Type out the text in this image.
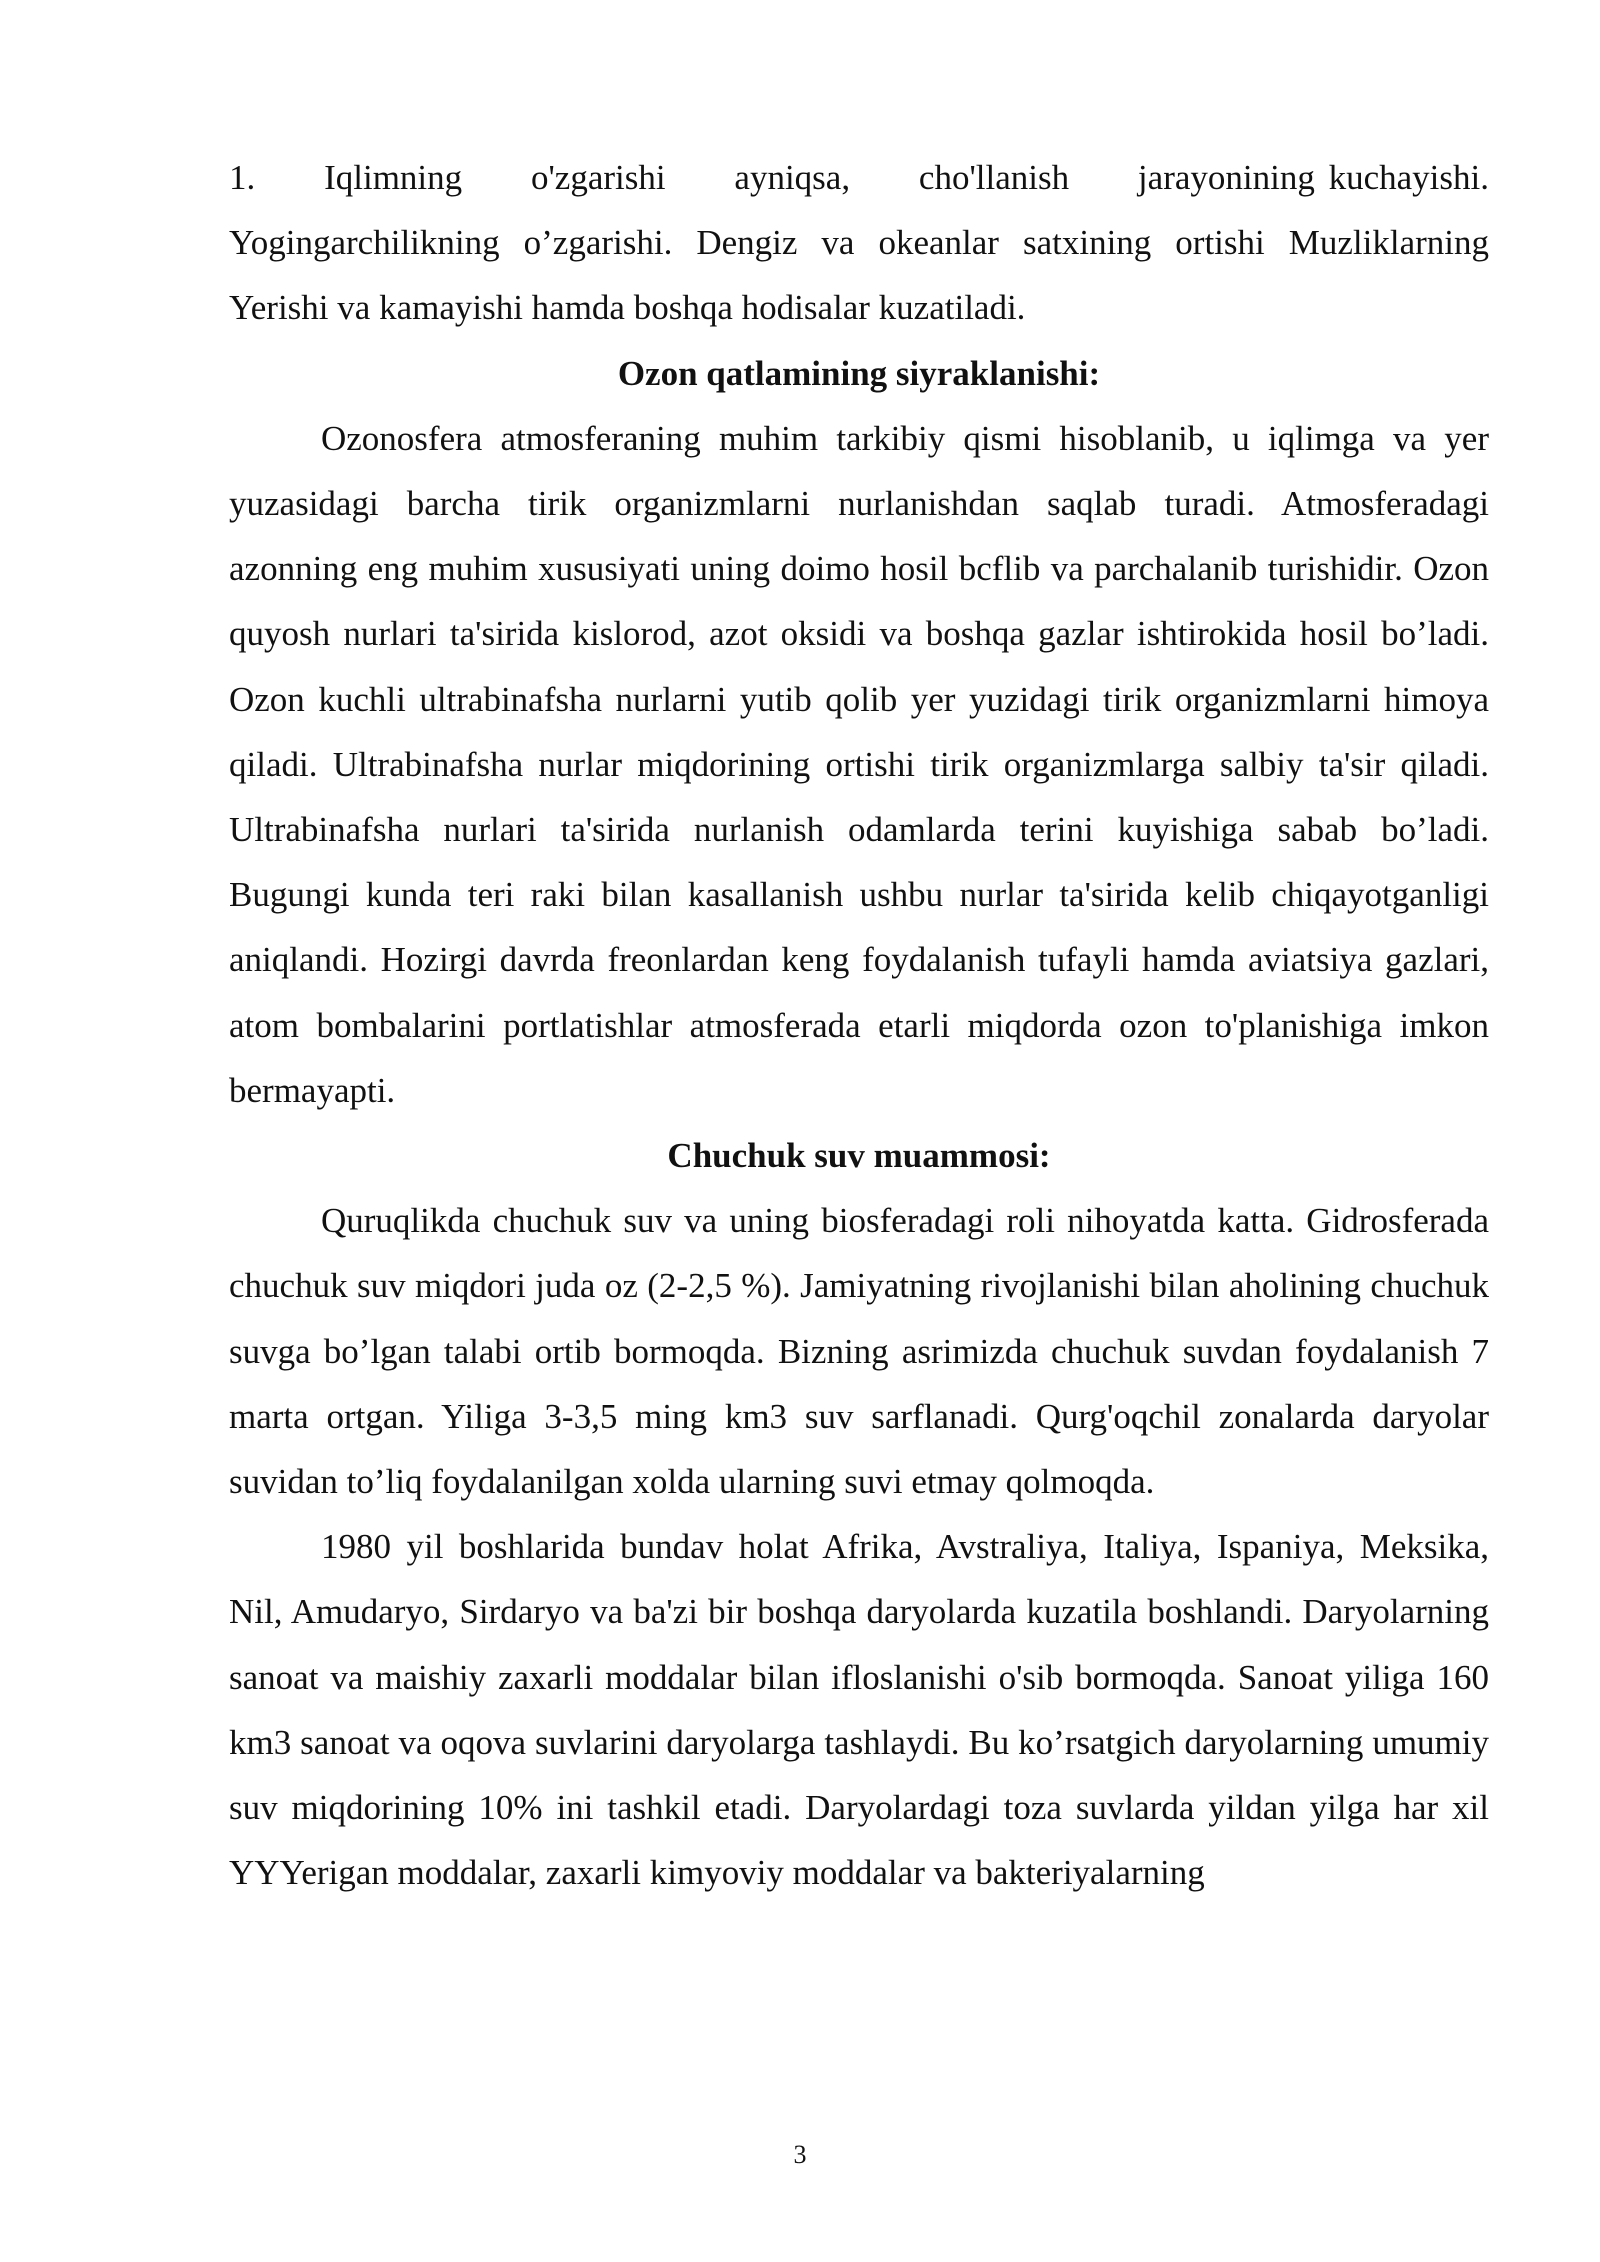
1.     Iqlimning     o'zgarishi     ayniqsa,     cho'llanish     jarayonining kuchayishi. Yogingarchilikning o’zgarishi. Dengiz va okeanlar satxining ortishi Muzliklarning Yerishi va kamayishi hamda boshqa hodisalar kuzatiladi.

Ozon qatlamining siyraklanishi:

Ozonosfera atmosferaning muhim tarkibiy qismi hisoblanib, u iqlimga va yer yuzasidagi barcha tirik organizmlarni nurlanishdan saqlab turadi. Atmosferadagi azonning eng muhim xususiyati uning doimo hosil bcflib va parchalanib turishidir. Ozon quyosh nurlari ta'sirida kislorod, azot oksidi va boshqa gazlar ishtirokida hosil bo’ladi. Ozon kuchli ultrabinafsha nurlarni yutib qolib yer yuzidagi tirik organizmlarni himoya qiladi. Ultrabinafsha nurlar miqdorining ortishi tirik organizmlarga salbiy ta'sir qiladi. Ultrabinafsha nurlari ta'sirida nurlanish odamlarda terini kuyishiga sabab bo’ladi. Bugungi kunda teri raki bilan kasallanish ushbu nurlar ta'sirida kelib chiqayotganligi aniqlandi. Hozirgi davrda freonlardan keng foydalanish tufayli hamda aviatsiya gazlari, atom bombalarini portlatishlar atmosferada etarli miqdorda ozon to'planishiga imkon bermayapti.

Chuchuk suv muammosi:

Quruqlikda chuchuk suv va uning biosferadagi roli nihoyatda katta. Gidrosferada chuchuk suv miqdori juda oz (2-2,5 %). Jamiyatning rivojlanishi bilan aholining chuchuk suvga bo’lgan talabi ortib bormoqda. Bizning asrimizda chuchuk suvdan foydalanish 7 marta ortgan. Yiliga 3-3,5 ming km3 suv sarflanadi. Qurg'oqchil zonalarda daryolar suvidan to’liq foydalanilgan xolda ularning suvi etmay qolmoqda.

1980 yil boshlarida bundav holat Afrika, Avstraliya, Italiya, Ispaniya, Meksika, Nil, Amudaryo, Sirdaryo va ba'zi bir boshqa daryolarda kuzatila boshlandi. Daryolarning sanoat va maishiy zaxarli moddalar bilan ifloslanishi o'sib bormoqda. Sanoat yiliga 160 km3 sanoat va oqova suvlarini daryolarga tashlaydi. Bu ko’rsatgich daryolarning umumiy suv miqdorining 10% ini tashkil etadi. Daryolardagi toza suvlarda yildan yilga har xil YYYerigan moddalar, zaxarli kimyoviy moddalar va bakteriyalarning

3
